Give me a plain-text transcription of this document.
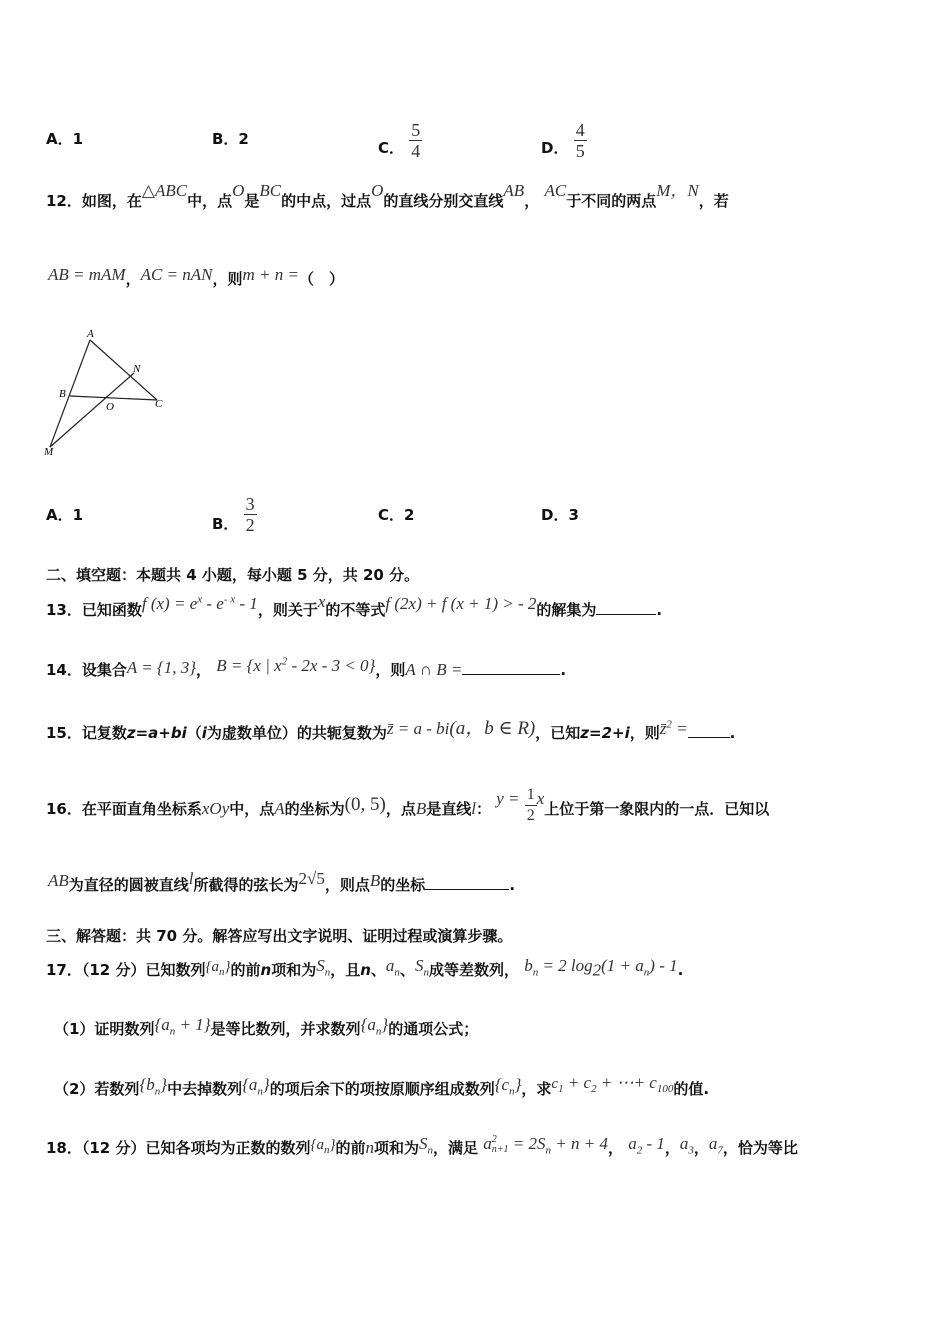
A．1	B．2	C． $\frac{5}{4}$	D． $\frac{4}{5}$
12．如图，在△ABC中，点O是BC的中点，过点O的直线分别交直线AB， AC于不同的两点M，N，若
AB = mAM，AC = nAN，则m + n =（　）
A
B
C
N
O
M
A．1	B． $\frac{3}{2}$	C．2	D．3
二、填空题：本题共 4 小题，每小题 5 分，共 20 分。
13．已知函数f $(x) = e^x - e^{- x} - 1$，则关于x的不等式f (2x) + f (x + 1) > - 2的解集为	.
14．设集合A = {1, 3}， B = {x | $x^2 - 2x - 3 < 0$}，则A ∩ B =	.
15．记复数z=a+bi（i为虚数单位）的共轭复数为z̄ = a - bi(a，b ∈ R)，已知z=2+i，则z̄$^2$ =	.
16．在平面直角坐标系xOy中，点A的坐标为(0, 5)，点B是直线l： $y = \frac{1}{2}$ x上位于第一象限内的一点．已知以
AB为直径的圆被直线l所截得的弦长为2√5，则点B的坐标	.
三、解答题：共 70 分。解答应写出文字说明、证明过程或演算步骤。
17．（12 分）已知数列$\{a_n\}$的前n项和为$S_n$，且n、$a_n$、$S_n$成等差数列， $b_n = 2$ $\log_2(1 + a_n) - 1$.
（1）证明数列$\{a_n + 1\}$是等比数列，并求数列$\{a_n\}$的通项公式；
（2）若数列$\{b_n\}$中去掉数列$\{a_n\}$的项后余下的项按原顺序组成数列$\{c_n\}$，求$c_1 + c_2$ + ⋯+ $c_{100}$的值.
18．（12 分）已知各项均为正数的数列$\{a_n\}$的前n项和为$S_n$，满足 a 2
$n+1 = 2S_n + n + 4$， $a_2 - 1$，$a_3$，$a_7$，恰为等比
